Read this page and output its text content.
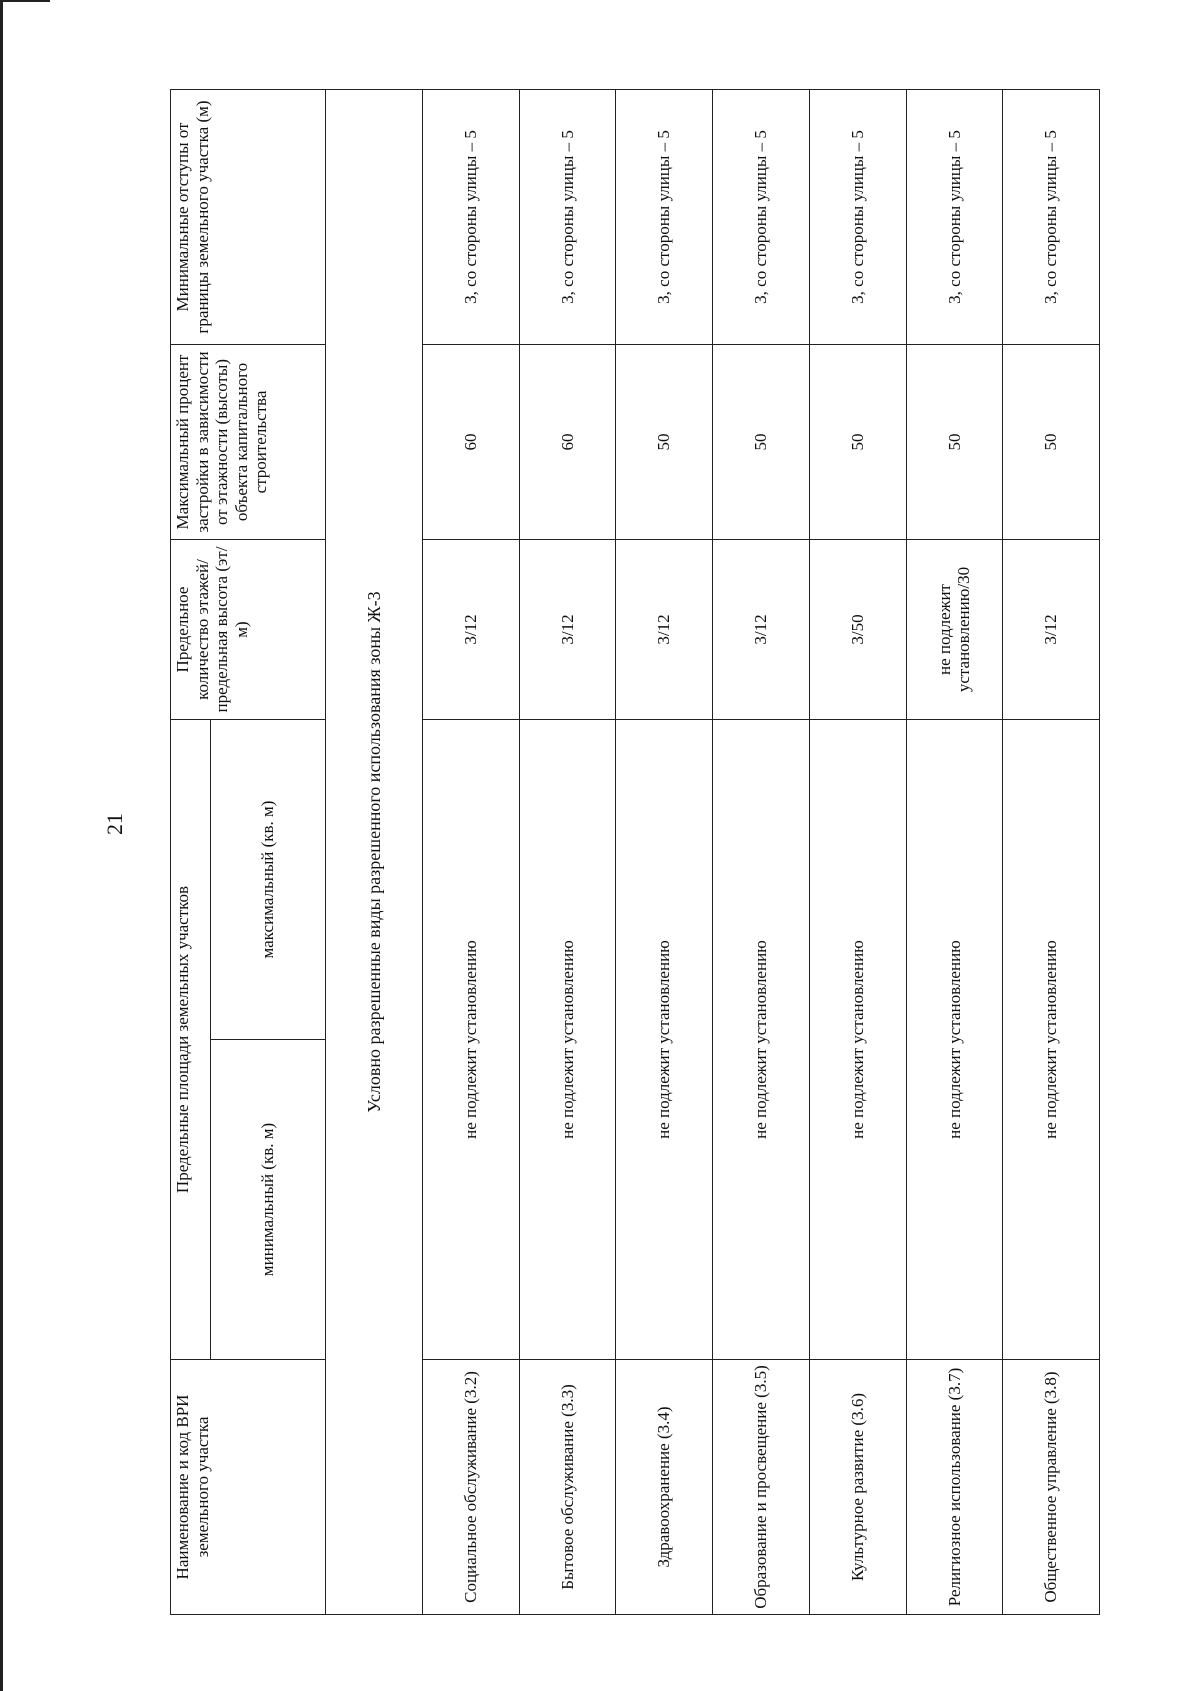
21
Наименование и код ВРИ земельного участка	Предельные площади земельных участков		Предельное количество этажей/ предельная высота (эт/м)	Максимальный процент застройки в зависимости от этажности (высоты) объекта капитального строительства	Минимальные отступы от границы земельного участка (м)
	минимальный (кв. м)	максимальный (кв. м)			
Условно разрешенные виды разрешенного использования зоны Ж-3					
Социальное обслуживание (3.2)	не подлежит установлению		3/12	60	3, со стороны улицы – 5
Бытовое обслуживание (3.3)	не подлежит установлению		3/12	60	3, со стороны улицы – 5
Здравоохранение (3.4)	не подлежит установлению		3/12	50	3, со стороны улицы – 5
Образование и просвещение (3.5)	не подлежит установлению		3/12	50	3, со стороны улицы – 5
Культурное развитие (3.6)	не подлежит установлению		3/50	50	3, со стороны улицы – 5
Религиозное использование (3.7)	не подлежит установлению		не подлежит установлению/30	50	3, со стороны улицы – 5
Общественное управление (3.8)	не подлежит установлению		3/12	50	3, со стороны улицы – 5
